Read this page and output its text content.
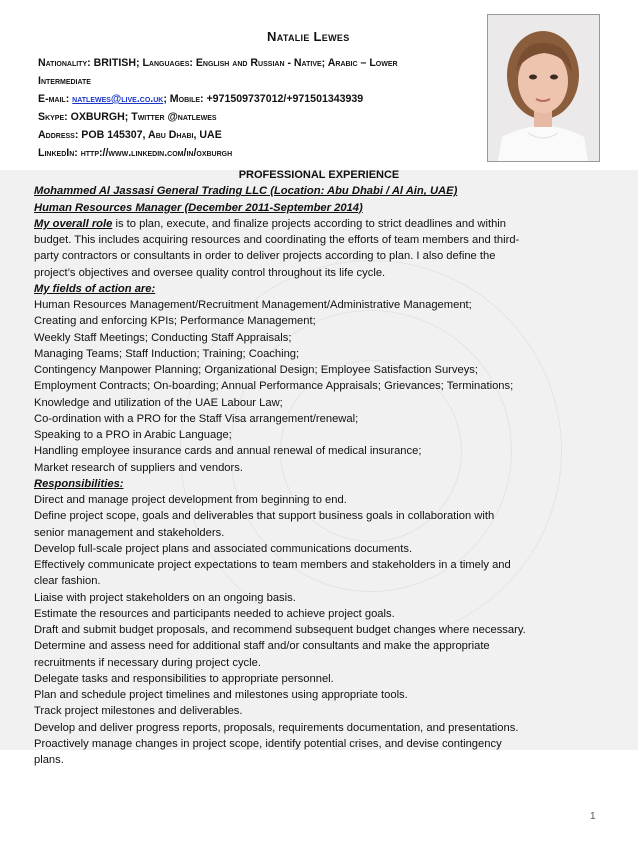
Natalie Lewes
Nationality: BRITISH; Languages: English and Russian - Native; Arabic – Lower
Intermediate
E-mail: natlewes@live.co.uk; Mobile: +971509737012/+971501343939
Skype: OXBURGH; Twitter @natlewes
Address: POB 145307, Abu Dhabi, UAE
LinkedIn: http://www.linkedin.com/in/oxburgh
PROFESSIONAL EXPERIENCE
Mohammed Al Jassasi General Trading LLC (Location: Abu Dhabi / Al Ain, UAE)
Human Resources Manager (December 2011-September 2014)
My overall role is to plan, execute, and finalize projects according to strict deadlines and within
budget. This includes acquiring resources and coordinating the efforts of team members and third-
party contractors or consultants in order to deliver projects according to plan. I also define the
project’s objectives and oversee quality control throughout its life cycle.
My fields of action are:
Human Resources Management/Recruitment Management/Administrative Management;
Creating and enforcing KPIs; Performance Management;
Weekly Staff Meetings; Conducting Staff Appraisals;
Managing Teams; Staff Induction; Training; Coaching;
Contingency Manpower Planning; Organizational Design; Employee Satisfaction Surveys;
Employment Contracts; On-boarding; Annual Performance Appraisals; Grievances; Terminations;
Knowledge and utilization of the UAE Labour Law;
Co-ordination with a PRO for the Staff Visa arrangement/renewal;
Speaking to a PRO in Arabic Language;
Handling employee insurance cards and annual renewal of medical insurance;
Market research of suppliers and vendors.
Responsibilities:
Direct and manage project development from beginning to end.
Define project scope, goals and deliverables that support business goals in collaboration with
senior management and stakeholders.
Develop full-scale project plans and associated communications documents.
Effectively communicate project expectations to team members and stakeholders in a timely and
clear fashion.
Liaise with project stakeholders on an ongoing basis.
Estimate the resources and participants needed to achieve project goals.
Draft and submit budget proposals, and recommend subsequent budget changes where necessary.
Determine and assess need for additional staff and/or consultants and make the appropriate
recruitments if necessary during project cycle.
Delegate tasks and responsibilities to appropriate personnel.
Plan and schedule project timelines and milestones using appropriate tools.
Track project milestones and deliverables.
Develop and deliver progress reports, proposals, requirements documentation, and presentations.
Proactively manage changes in project scope, identify potential crises, and devise contingency
plans.
1
